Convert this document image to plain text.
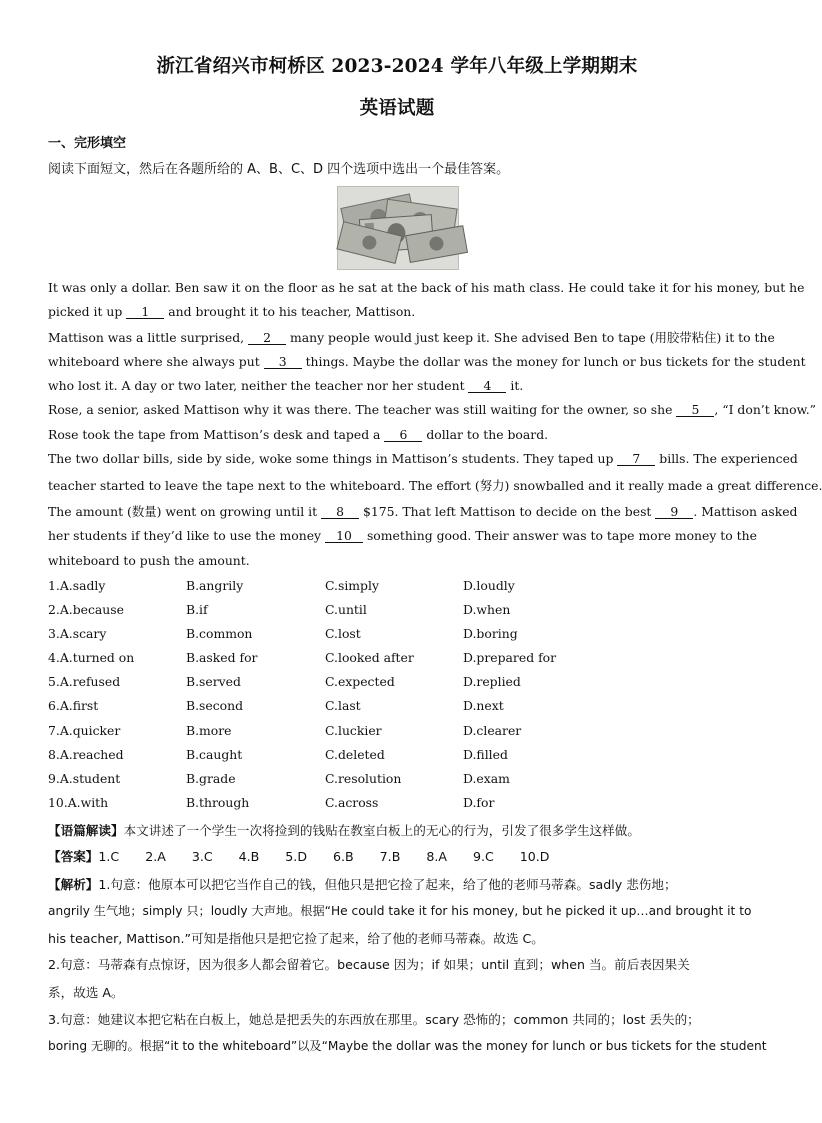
浙江省绍兴市柯桥区 2023-2024 学年八年级上学期期末
英语试题
一、完形填空
阅读下面短文，然后在各题所给的 A、B、C、D 四个选项中选出一个最佳答案。
It was only a dollar. Ben saw it on the floor as he sat at the back of his math class. He could take it for his money, but he
picked it up 1 and brought it to his teacher, Mattison.
Mattison was a little surprised, 2 many people would just keep it. She advised Ben to tape (用胶带粘住) it to the
whiteboard where she always put 3 things. Maybe the dollar was the money for lunch or bus tickets for the student
who lost it. A day or two later, neither the teacher nor her student 4 it.
Rose, a senior, asked Mattison why it was there. The teacher was still waiting for the owner, so she 5 , “I don’t know.”
Rose took the tape from Mattison’s desk and taped a 6 dollar to the board.
The two dollar bills, side by side, woke some things in Mattison’s students. They taped up 7 bills. The experienced
teacher started to leave the tape next to the whiteboard. The effort (努力) snowballed and it really made a great difference.
The amount (数量) went on growing until it 8 $175. That left Mattison to decide on the best 9 . Mattison asked
her students if they’d like to use the money 10 something good. Their answer was to tape more money to the
whiteboard to push the amount.
1.A.sadly	B.angrily	C.simply	D.loudly
2.A.because	B.if	C.until	D.when
3.A.scary	B.common	C.lost	D.boring
4.A.turned on	B.asked for	C.looked after	D.prepared for
5.A.refused	B.served	C.expected	D.replied
6.A.first	B.second	C.last	D.next
7.A.quicker	B.more	C.luckier	D.clearer
8.A.reached	B.caught	C.deleted	D.filled
9.A.student	B.grade	C.resolution	D.exam
10.A.with	B.through	C.across	D.for
【语篇解读】本文讲述了一个学生一次将捡到的钱贴在教室白板上的无心的行为，引发了很多学生这样做。
【答案】1.C 2.A 3.C 4.B 5.D 6.B 7.B 8.A 9.C 10.D
【解析】1.句意：他原本可以把它当作自己的钱，但他只是把它捡了起来，给了他的老师马蒂森。sadly 悲伤地；
angrily 生气地；simply 只；loudly 大声地。根据“He could take it for his money, but he picked it up…and brought it to
his teacher, Mattison.”可知是指他只是把它捡了起来，给了他的老师马蒂森。故选 C。
2.句意：马蒂森有点惊讶，因为很多人都会留着它。because 因为；if 如果；until 直到；when 当。前后表因果关
系，故选 A。
3.句意：她建议本把它粘在白板上，她总是把丢失的东西放在那里。scary 恐怖的；common 共同的；lost 丢失的；
boring 无聊的。根据“it to the whiteboard”以及“Maybe the dollar was the money for lunch or bus tickets for the student
